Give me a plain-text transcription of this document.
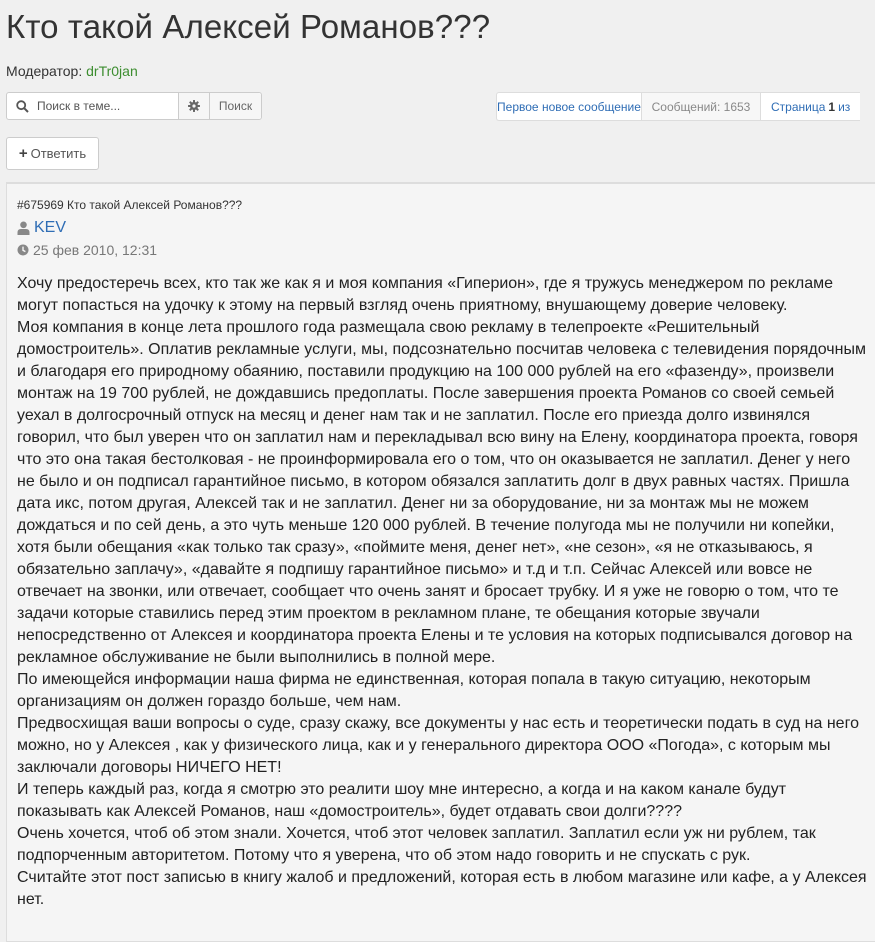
Кто такой Алексей Романов???
Модератор: drTr0jan
Поиск в теме...
Поиск	Первое новое сообщение Сообщений: 1653	Страница 1 из
+ Ответить
#675969 Кто такой Алексей Романов???
KEV
25 фев 2010, 12:31

Хочу предостеречь всех, кто так же как я и моя компания «Гиперион», где я тружусь менеджером по рекламе могут попасться на удочку к этому на первый взгляд очень приятному, внушающему доверие человеку.

Моя компания в конце лета прошлого года размещала свою рекламу в телепроекте «Решительный домостроитель». Оплатив рекламные услуги, мы, подсознательно посчитав человека с телевидения порядочным и благодаря его природному обаянию, поставили продукцию на 100 000 рублей на его «фазенду», произвели монтаж на 19 700 рублей, не дождавшись предоплаты. После завершения проекта Романов со своей семьей уехал в долгосрочный отпуск на месяц и денег нам так и не заплатил. После его приезда долго извинялся говорил, что был уверен что он заплатил нам и перекладывал всю вину на Елену, координатора проекта, говоря что это она такая бестолковая - не проинформировала его о том, что он оказывается не заплатил. Денег у него не было и он подписал гарантийное письмо, в котором обязался заплатить долг в двух равных частях. Пришла дата икс, потом другая, Алексей так и не заплатил. Денег ни за оборудование, ни за монтаж мы не можем дождаться и по сей день, а это чуть меньше 120 000 рублей. В течение полугода мы не получили ни копейки, хотя были обещания «как только так сразу», «поймите меня, денег нет», «не сезон», «я не отказываюсь, я обязательно заплачу», «давайте я подпишу гарантийное письмо» и т.д и т.п. Сейчас Алексей или вовсе не отвечает на звонки, или отвечает, сообщает что очень занят и бросает трубку. И я уже не говорю о том, что те задачи которые ставились перед этим проектом в рекламном плане, те обещания которые звучали непосредственно от Алексея и координатора проекта Елены и те условия на которых подписывался договор на рекламное обслуживание не были выполнились в полной мере.

По имеющейся информации наша фирма не единственная, которая попала в такую ситуацию, некоторым организациям он должен гораздо больше, чем нам.

Предвосхищая ваши вопросы о суде, сразу скажу, все документы у нас есть и теоретически подать в суд на него можно, но у Алексея , как у физического лица, как и у генерального директора ООО «Погода», с которым мы заключали договоры НИЧЕГО НЕТ!

И теперь каждый раз, когда я смотрю это реалити шоу мне интересно, а когда и на каком канале будут показывать как Алексей Романов, наш «домостроитель», будет отдавать свои долги????

Очень хочется, чтоб об этом знали. Хочется, чтоб этот человек заплатил. Заплатил если уж ни рублем, так подпорченным авторитетом. Потому что я уверена, что об этом надо говорить и не спускать с рук.

Считайте этот пост записью в книгу жалоб и предложений, которая есть в любом магазине или кафе, а у Алексея нет.
